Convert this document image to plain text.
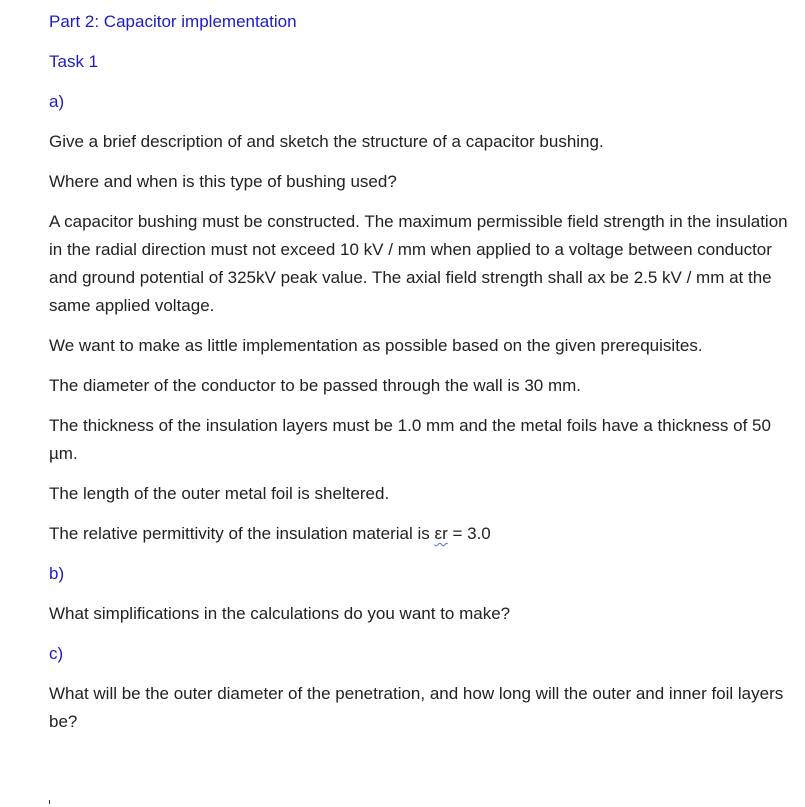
Part 2: Capacitor implementation

Task 1

a)

Give a brief description of and sketch the structure of a capacitor bushing.

Where and when is this type of bushing used?

A capacitor bushing must be constructed. The maximum permissible field strength in the insulation in the radial direction must not exceed 10 kV / mm when applied to a voltage between conductor and ground potential of 325kV peak value. The axial field strength shall ax be 2.5 kV / mm at the same applied voltage.

We want to make as little implementation as possible based on the given prerequisites.

The diameter of the conductor to be passed through the wall is 30 mm.

The thickness of the insulation layers must be 1.0 mm and the metal foils have a thickness of 50 µm.

The length of the outer metal foil is sheltered.

The relative permittivity of the insulation material is εr = 3.0

b)

What simplifications in the calculations do you want to make?

c)

What will be the outer diameter of the penetration, and how long will the outer and inner foil layers be?
